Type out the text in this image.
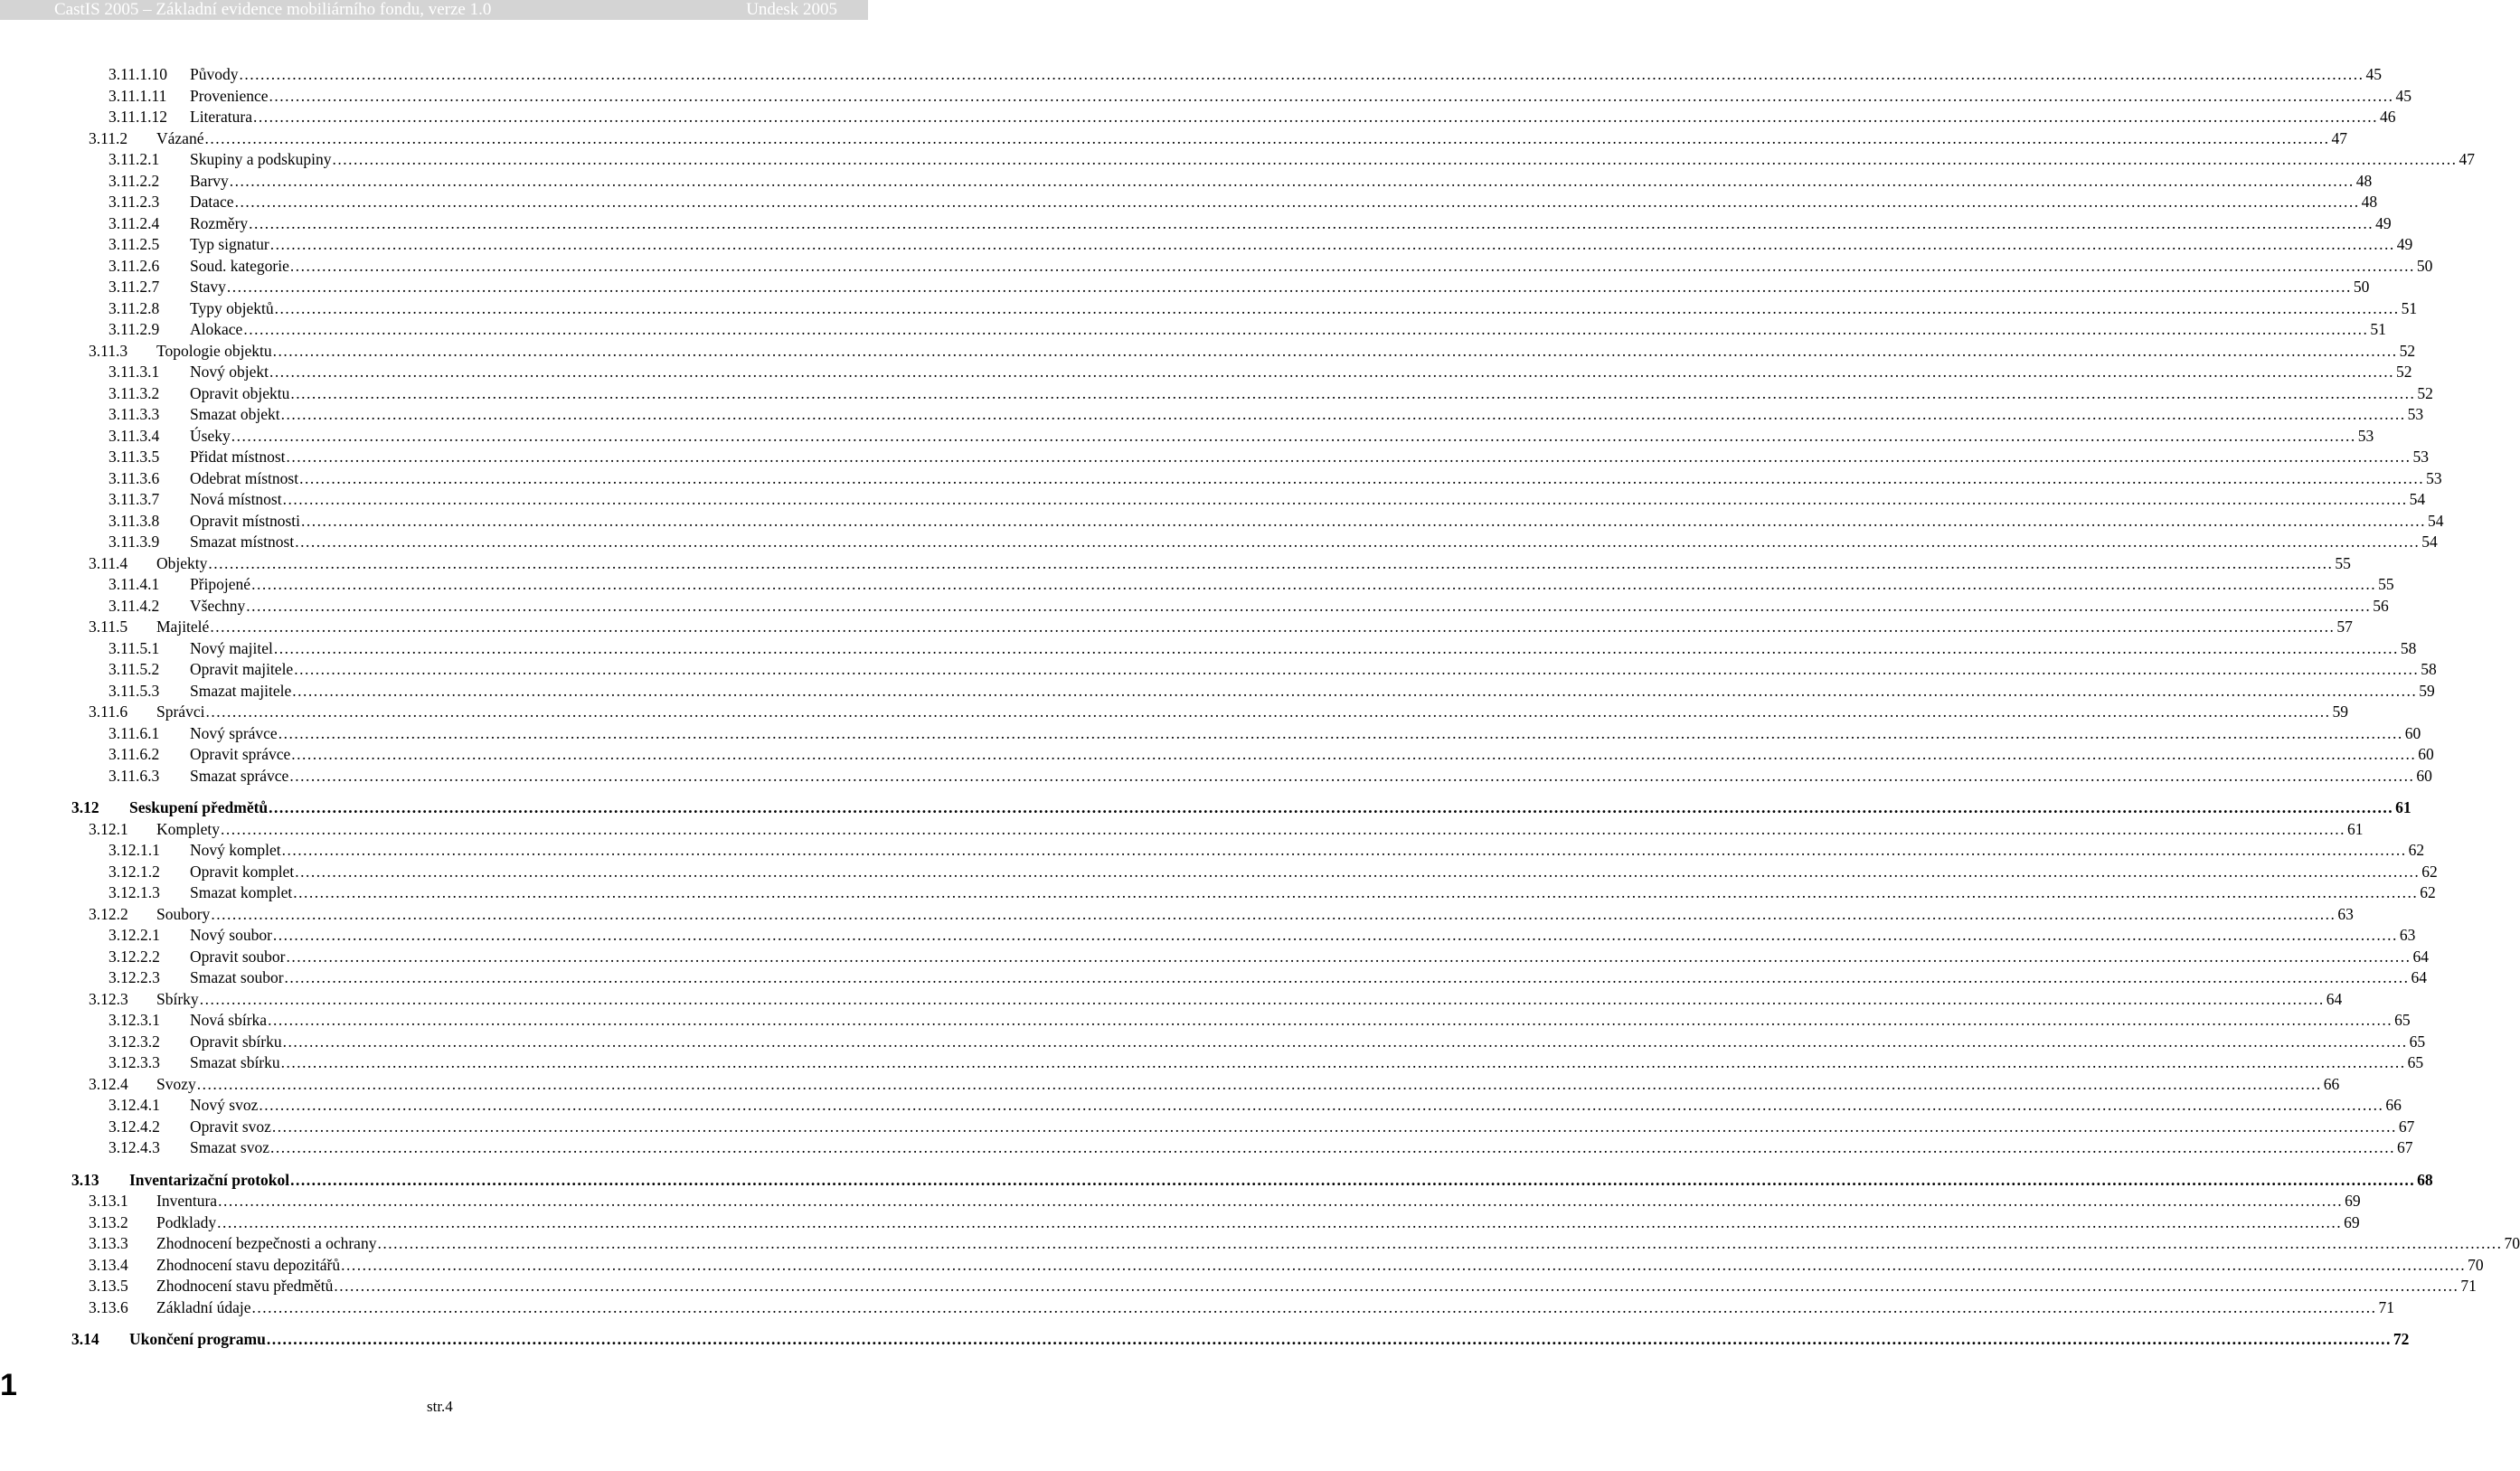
CastIS 2005 – Základní evidence mobiliárního fondu, verze 1.0	Undesk 2005
3.11.1.10 Původy ................................................................................................................................................................................................................................................................................................................................................................................................................ 45
3.11.1.11 Provenience ................................................................................................................................................................................................................................................................................................................................................................................................................ 45
3.11.1.12 Literatura ................................................................................................................................................................................................................................................................................................................................................................................................................ 46
3.11.2 Vázané ................................................................................................................................................................................................................................................................................................................................................................................................................ 47
3.11.2.1 Skupiny a podskupiny ................................................................................................................................................................................................................................................................................................................................................................................................................ 47
3.11.2.2 Barvy ................................................................................................................................................................................................................................................................................................................................................................................................................ 48
3.11.2.3 Datace ................................................................................................................................................................................................................................................................................................................................................................................................................ 48
3.11.2.4 Rozměry ................................................................................................................................................................................................................................................................................................................................................................................................................ 49
3.11.2.5 Typ signatur ................................................................................................................................................................................................................................................................................................................................................................................................................ 49
3.11.2.6 Soud. kategorie ................................................................................................................................................................................................................................................................................................................................................................................................................ 50
3.11.2.7 Stavy ................................................................................................................................................................................................................................................................................................................................................................................................................ 50
3.11.2.8 Typy objektů ................................................................................................................................................................................................................................................................................................................................................................................................................ 51
3.11.2.9 Alokace ................................................................................................................................................................................................................................................................................................................................................................................................................ 51
3.11.3 Topologie objektu ................................................................................................................................................................................................................................................................................................................................................................................................................ 52
3.11.3.1 Nový objekt ................................................................................................................................................................................................................................................................................................................................................................................................................ 52
3.11.3.2 Opravit objektu ................................................................................................................................................................................................................................................................................................................................................................................................................ 52
3.11.3.3 Smazat objekt ................................................................................................................................................................................................................................................................................................................................................................................................................ 53
3.11.3.4 Úseky ................................................................................................................................................................................................................................................................................................................................................................................................................ 53
3.11.3.5 Přidat místnost ................................................................................................................................................................................................................................................................................................................................................................................................................ 53
3.11.3.6 Odebrat místnost ................................................................................................................................................................................................................................................................................................................................................................................................................ 53
3.11.3.7 Nová místnost ................................................................................................................................................................................................................................................................................................................................................................................................................ 54
3.11.3.8 Opravit místnosti ................................................................................................................................................................................................................................................................................................................................................................................................................ 54
3.11.3.9 Smazat místnost ................................................................................................................................................................................................................................................................................................................................................................................................................ 54
3.11.4 Objekty ................................................................................................................................................................................................................................................................................................................................................................................................................ 55
3.11.4.1 Připojené ................................................................................................................................................................................................................................................................................................................................................................................................................ 55
3.11.4.2 Všechny ................................................................................................................................................................................................................................................................................................................................................................................................................ 56
3.11.5 Majitelé ................................................................................................................................................................................................................................................................................................................................................................................................................ 57
3.11.5.1 Nový majitel ................................................................................................................................................................................................................................................................................................................................................................................................................ 58
3.11.5.2 Opravit majitele ................................................................................................................................................................................................................................................................................................................................................................................................................ 58
3.11.5.3 Smazat majitele ................................................................................................................................................................................................................................................................................................................................................................................................................ 59
3.11.6 Správci ................................................................................................................................................................................................................................................................................................................................................................................................................ 59
3.11.6.1 Nový správce ................................................................................................................................................................................................................................................................................................................................................................................................................ 60
3.11.6.2 Opravit správce ................................................................................................................................................................................................................................................................................................................................................................................................................ 60
3.11.6.3 Smazat správce ................................................................................................................................................................................................................................................................................................................................................................................................................ 60
3.12 Seskupení předmětů ................................................................................................................................................................................................................................................................................................................................................................................................................ 61
3.12.1 Komplety ................................................................................................................................................................................................................................................................................................................................................................................................................ 61
3.12.1.1 Nový komplet ................................................................................................................................................................................................................................................................................................................................................................................................................ 62
3.12.1.2 Opravit komplet ................................................................................................................................................................................................................................................................................................................................................................................................................ 62
3.12.1.3 Smazat komplet ................................................................................................................................................................................................................................................................................................................................................................................................................ 62
3.12.2 Soubory ................................................................................................................................................................................................................................................................................................................................................................................................................ 63
3.12.2.1 Nový soubor ................................................................................................................................................................................................................................................................................................................................................................................................................ 63
3.12.2.2 Opravit soubor ................................................................................................................................................................................................................................................................................................................................................................................................................ 64
3.12.2.3 Smazat soubor ................................................................................................................................................................................................................................................................................................................................................................................................................ 64
3.12.3 Sbírky ................................................................................................................................................................................................................................................................................................................................................................................................................ 64
3.12.3.1 Nová sbírka ................................................................................................................................................................................................................................................................................................................................................................................................................ 65
3.12.3.2 Opravit sbírku ................................................................................................................................................................................................................................................................................................................................................................................................................ 65
3.12.3.3 Smazat sbírku ................................................................................................................................................................................................................................................................................................................................................................................................................ 65
3.12.4 Svozy ................................................................................................................................................................................................................................................................................................................................................................................................................ 66
3.12.4.1 Nový svoz ................................................................................................................................................................................................................................................................................................................................................................................................................ 66
3.12.4.2 Opravit svoz ................................................................................................................................................................................................................................................................................................................................................................................................................ 67
3.12.4.3 Smazat svoz ................................................................................................................................................................................................................................................................................................................................................................................................................ 67
3.13 Inventarizační protokol ................................................................................................................................................................................................................................................................................................................................................................................................................ 68
3.13.1 Inventura ................................................................................................................................................................................................................................................................................................................................................................................................................ 69
3.13.2 Podklady ................................................................................................................................................................................................................................................................................................................................................................................................................ 69
3.13.3 Zhodnocení bezpečnosti a ochrany ................................................................................................................................................................................................................................................................................................................................................................................................................ 70
3.13.4 Zhodnocení stavu depozitářů ................................................................................................................................................................................................................................................................................................................................................................................................................ 70
3.13.5 Zhodnocení stavu předmětů ................................................................................................................................................................................................................................................................................................................................................................................................................ 71
3.13.6 Základní údaje ................................................................................................................................................................................................................................................................................................................................................................................................................ 71
3.14 Ukončení programu ................................................................................................................................................................................................................................................................................................................................................................................................................ 72
1
str.4
